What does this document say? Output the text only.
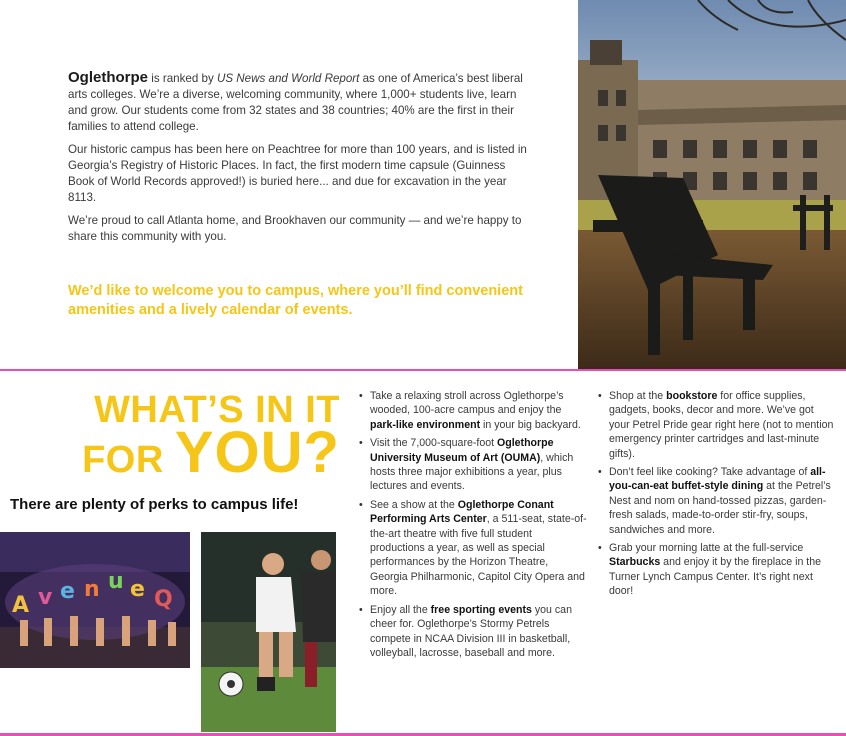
Oglethorpe is ranked by US News and World Report as one of America’s best liberal arts colleges. We’re a diverse, welcoming community, where 1,000+ students live, learn and grow. Our students come from 32 states and 38 countries; 40% are the first in their families to attend college.

Our historic campus has been here on Peachtree for more than 100 years, and is listed in Georgia’s Registry of Historic Places. In fact, the first modern time capsule (Guinness Book of World Records approved!) is buried here... and due for excavation in the year 8113.

We’re proud to call Atlanta home, and Brookhaven our community — and we’re happy to share this community with you.

We’d like to welcome you to campus, where you’ll find convenient amenities and a lively calendar of events.
WHAT’S IN IT
FOR YOU?
There are plenty of perks to campus life!
A v e n u e Q
• Take a relaxing stroll across Oglethorpe’s wooded, 100-acre campus and enjoy the park-like environment in your big backyard.
• Visit the 7,000-square-foot Oglethorpe University Museum of Art (OUMA), which hosts three major exhibitions a year, plus lectures and events.
• See a show at the Oglethorpe Conant Performing Arts Center, a 511-seat, state-of-the-art theatre with five full student productions a year, as well as special performances by the Horizon Theatre, Georgia Philharmonic, Capitol City Opera and more.
• Enjoy all the free sporting events you can cheer for. Oglethorpe’s Stormy Petrels compete in NCAA Division III in basketball, volleyball, lacrosse, baseball and more.
• Shop at the bookstore for office supplies, gadgets, books, decor and more. We’ve got your Petrel Pride gear right here (not to mention emergency printer cartridges and last-minute gifts).
• Don’t feel like cooking? Take advantage of all-you-can-eat buffet-style dining at the Petrel’s Nest and nom on hand-tossed pizzas, garden-fresh salads, made-to-order stir-fry, soups, sandwiches and more.
• Grab your morning latte at the full-service Starbucks and enjoy it by the fireplace in the Turner Lynch Campus Center. It’s right next door!
